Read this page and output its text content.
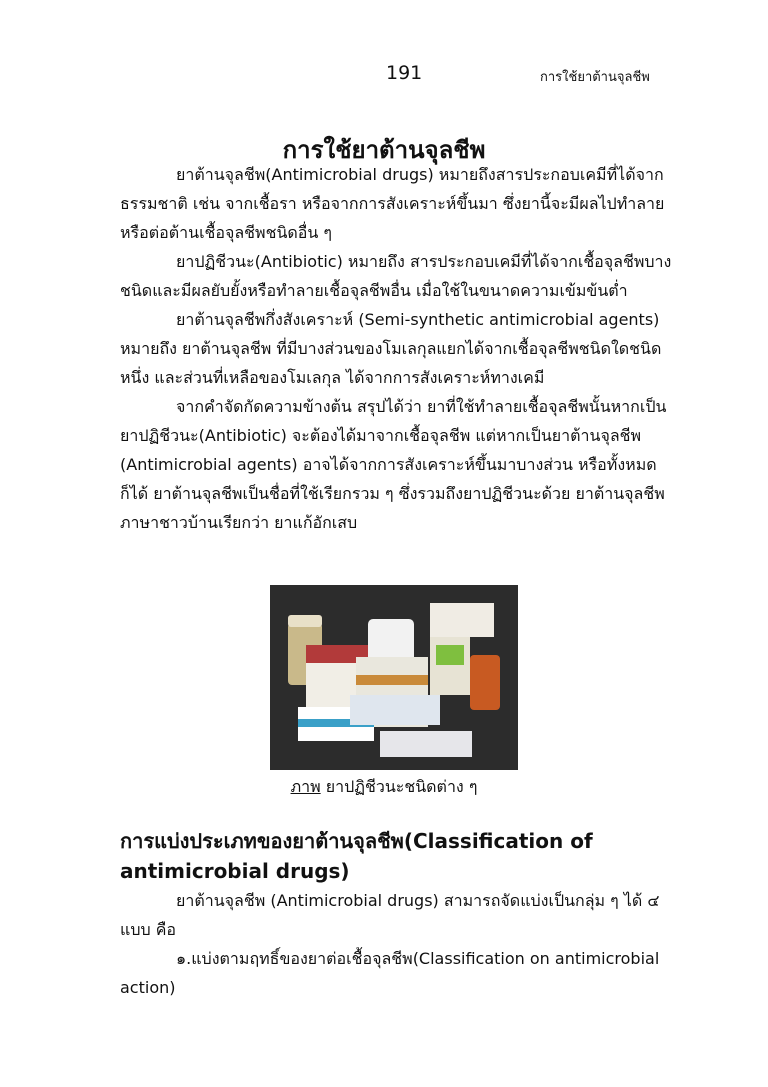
191	การใช้ยาต้านจุลชีพ
การใช้ยาต้านจุลชีพ

ยาต้านจุลชีพ(Antimicrobial drugs) หมายถึงสารประกอบเคมีที่ได้จากธรรมชาติ เช่น จากเชื้อรา หรือจากการสังเคราะห์ขึ้นมา ซึ่งยานี้จะมีผลไปทำลายหรือต่อต้านเชื้อจุลชีพชนิดอื่น ๆ

ยาปฏิชีวนะ(Antibiotic) หมายถึง สารประกอบเคมีที่ได้จากเชื้อจุลชีพบางชนิดและมีผลยับยั้งหรือทำลายเชื้อจุลชีพอื่น เมื่อใช้ในขนาดความเข้มข้นต่ำ

ยาต้านจุลชีพกึ่งสังเคราะห์ (Semi-synthetic antimicrobial agents) หมายถึง ยาต้านจุลชีพ ที่มีบางส่วนของโมเลกุลแยกได้จากเชื้อจุลชีพชนิดใดชนิดหนึ่ง และส่วนที่เหลือของโมเลกุล ได้จากการสังเคราะห์ทางเคมี

จากคำจัดกัดความข้างต้น สรุปได้ว่า ยาที่ใช้ทำลายเชื้อจุลชีพนั้นหากเป็นยาปฏิชีวนะ(Antibiotic) จะต้องได้มาจากเชื้อจุลชีพ แต่หากเป็นยาต้านจุลชีพ (Antimicrobial agents) อาจได้จากการสังเคราะห์ขึ้นมาบางส่วน หรือทั้งหมดก็ได้ ยาต้านจุลชีพเป็นชื่อที่ใช้เรียกรวม ๆ ซึ่งรวมถึงยาปฏิชีวนะด้วย ยาต้านจุลชีพภาษาชาวบ้านเรียกว่า ยาแก้อักเสบ

ภาพ ยาปฏิชีวนะชนิดต่าง ๆ
การแบ่งประเภทของยาต้านจุลชีพ(Classification of antimicrobial drugs)

ยาต้านจุลชีพ (Antimicrobial drugs) สามารถจัดแบ่งเป็นกลุ่ม ๆ ได้ ๔ แบบ คือ

๑.แบ่งตามฤทธิ์ของยาต่อเชื้อจุลชีพ(Classification on antimicrobial action)
